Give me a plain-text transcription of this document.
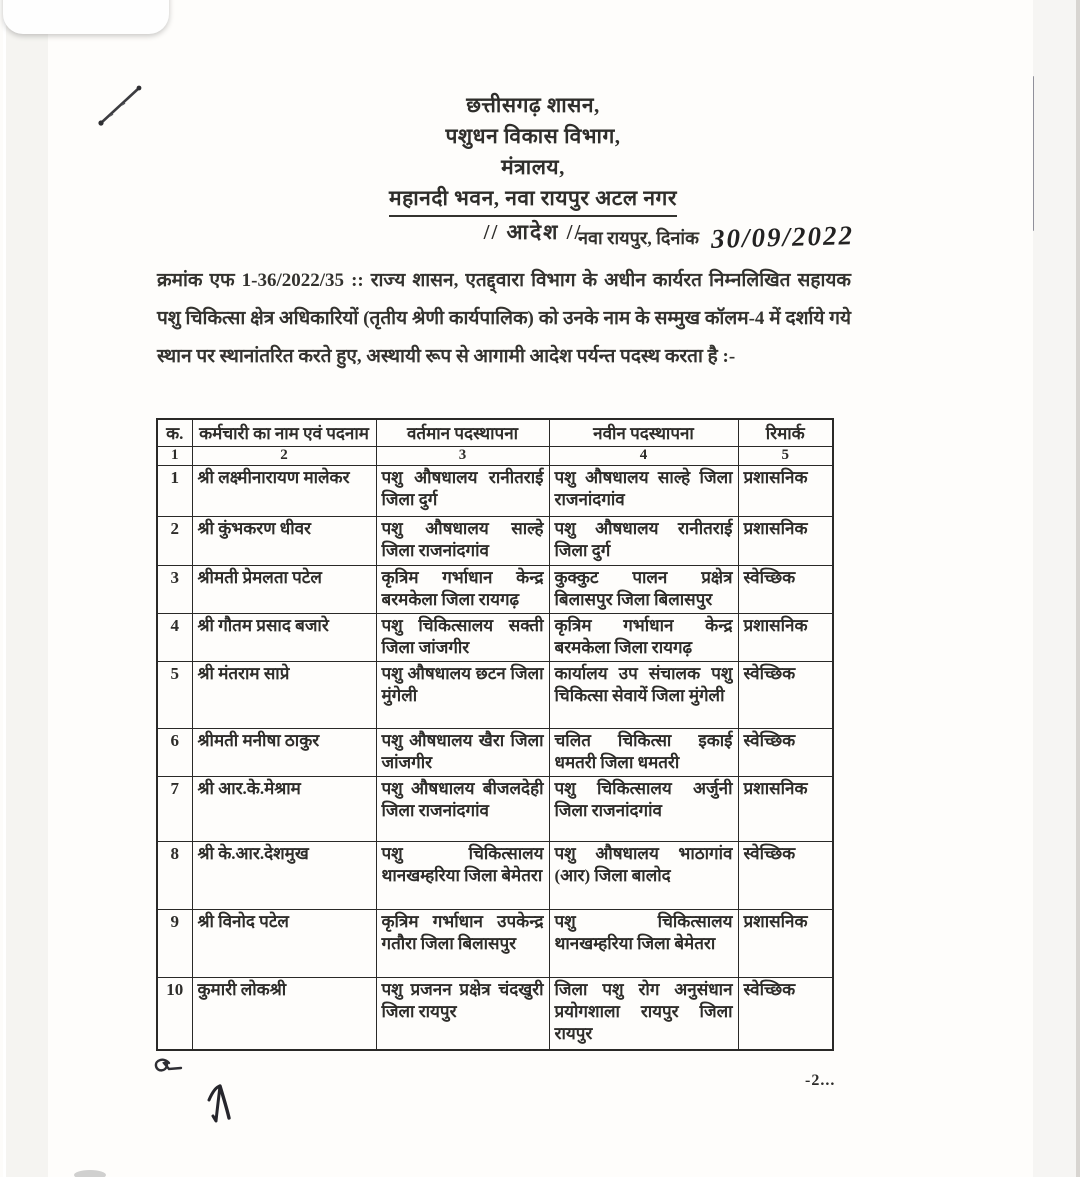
छत्तीसगढ़ शासन,
पशुधन विकास विभाग,
मंत्रालय,
महानदी भवन, नवा रायपुर अटल नगर
// आदेश //
नवा रायपुर, दिनांक 30/09/2022
क्रमांक एफ 1-36/2022/35 :: राज्य शासन, एतद्द्वारा विभाग के अधीन कार्यरत निम्नलिखित सहायक पशु चिकित्सा क्षेत्र अधिकारियों (तृतीय श्रेणी कार्यपालिक) को उनके नाम के सम्मुख कॉलम-4 में दर्शाये गये स्थान पर स्थानांतरित करते हुए, अस्थायी रूप से आगामी आदेश पर्यन्त पदस्थ करता है :-
क.	कर्मचारी का नाम एवं पदनाम	वर्तमान पदस्थापना	नवीन पदस्थापना	रिमार्क
1	2	3	4	5
1	श्री लक्ष्मीनारायण मालेकर	पशु औषधालय रानीतराई जिला दुर्ग	पशु औषधालय साल्हे जिला राजनांदगांव	प्रशासनिक
2	श्री कुंभकरण धीवर	पशु औषधालय साल्हे जिला राजनांदगांव	पशु औषधालय रानीतराई जिला दुर्ग	प्रशासनिक
3	श्रीमती प्रेमलता पटेल	कृत्रिम गर्भाधान केन्द्र बरमकेला जिला रायगढ़	कुक्कुट पालन प्रक्षेत्र बिलासपुर जिला बिलासपुर	स्वेच्छिक
4	श्री गौतम प्रसाद बजारे	पशु चिकित्सालय सक्ती जिला जांजगीर	कृत्रिम गर्भाधान केन्द्र बरमकेला जिला रायगढ़	प्रशासनिक
5	श्री मंतराम साप्रे	पशु औषधालय छटन जिला मुंगेली	कार्यालय उप संचालक पशु चिकित्सा सेवायें जिला मुंगेली	स्वेच्छिक
6	श्रीमती मनीषा ठाकुर	पशु औषधालय खैरा जिला जांजगीर	चलित चिकित्सा इकाई धमतरी जिला धमतरी	स्वेच्छिक
7	श्री आर.के.मेश्राम	पशु औषधालय बीजलदेही जिला राजनांदगांव	पशु चिकित्सालय अर्जुनी जिला राजनांदगांव	प्रशासनिक
8	श्री के.आर.देशमुख	पशु चिकित्सालय थानखम्हरिया जिला बेमेतरा	पशु औषधालय भाठागांव (आर) जिला बालोद	स्वेच्छिक
9	श्री विनोद पटेल	कृत्रिम गर्भाधान उपकेन्द्र गतौरा जिला बिलासपुर	पशु चिकित्सालय थानखम्हरिया जिला बेमेतरा	प्रशासनिक
10	कुमारी लोकश्री	पशु प्रजनन प्रक्षेत्र चंदखुरी जिला रायपुर	जिला पशु रोग अनुसंधान प्रयोगशाला रायपुर जिला रायपुर	स्वेच्छिक
-2...
